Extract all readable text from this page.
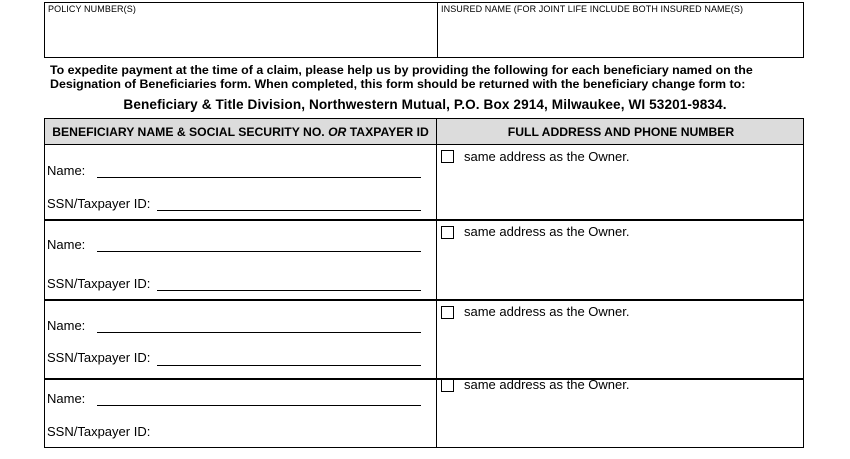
POLICY NUMBER(S)	INSURED NAME (FOR JOINT LIFE INCLUDE BOTH INSURED NAME(S)

To expedite payment at the time of a claim, please help us by providing the following for each beneficiary named on the Designation of Beneficiaries form. When completed, this form should be returned with the beneficiary change form to:

Beneficiary & Title Division, Northwestern Mutual, P.O. Box 2914, Milwaukee, WI 53201-9834.

BENEFICIARY NAME & SOCIAL SECURITY NO. OR TAXPAYER ID	FULL ADDRESS AND PHONE NUMBER
Name:
SSN/Taxpayer ID:
same address as the Owner.
Name:
SSN/Taxpayer ID:
same address as the Owner.
Name:
SSN/Taxpayer ID:
same address as the Owner.
Name:
SSN/Taxpayer ID:
same address as the Owner.
